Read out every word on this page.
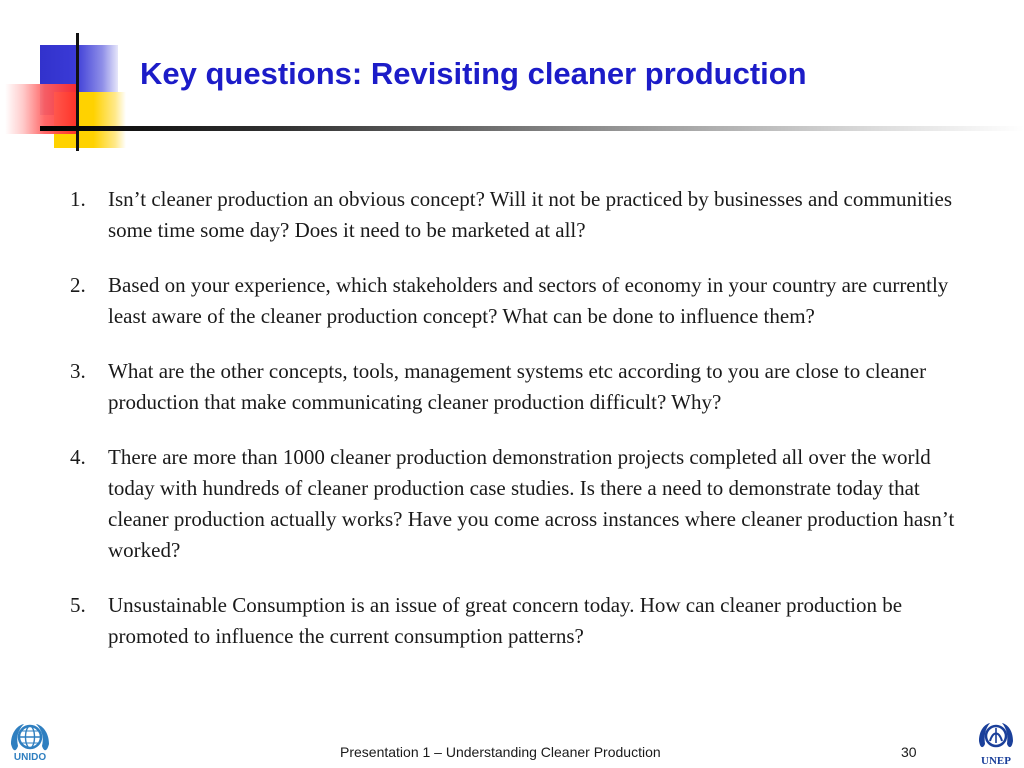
Key questions: Revisiting cleaner production
1.	Isn’t cleaner production an obvious concept? Will it not be practiced by businesses and communities some time some day? Does it need to be marketed at all?
2.	Based on your experience, which stakeholders and sectors of economy in your country are currently least aware of the cleaner production concept? What can be done to influence them?
3.	What are the other concepts, tools, management systems etc according to you are close to cleaner production that make communicating cleaner production difficult? Why?
4.	There are more than 1000 cleaner production demonstration projects completed all over the world today with hundreds of cleaner production case studies. Is there a need to demonstrate today that cleaner production actually works? Have you come across instances where cleaner production hasn’t worked?
5.	Unsustainable Consumption is an issue of great concern today. How can cleaner production be promoted to influence the current consumption patterns?
UNIDO	UNEP
Presentation 1 – Understanding Cleaner Production	30
